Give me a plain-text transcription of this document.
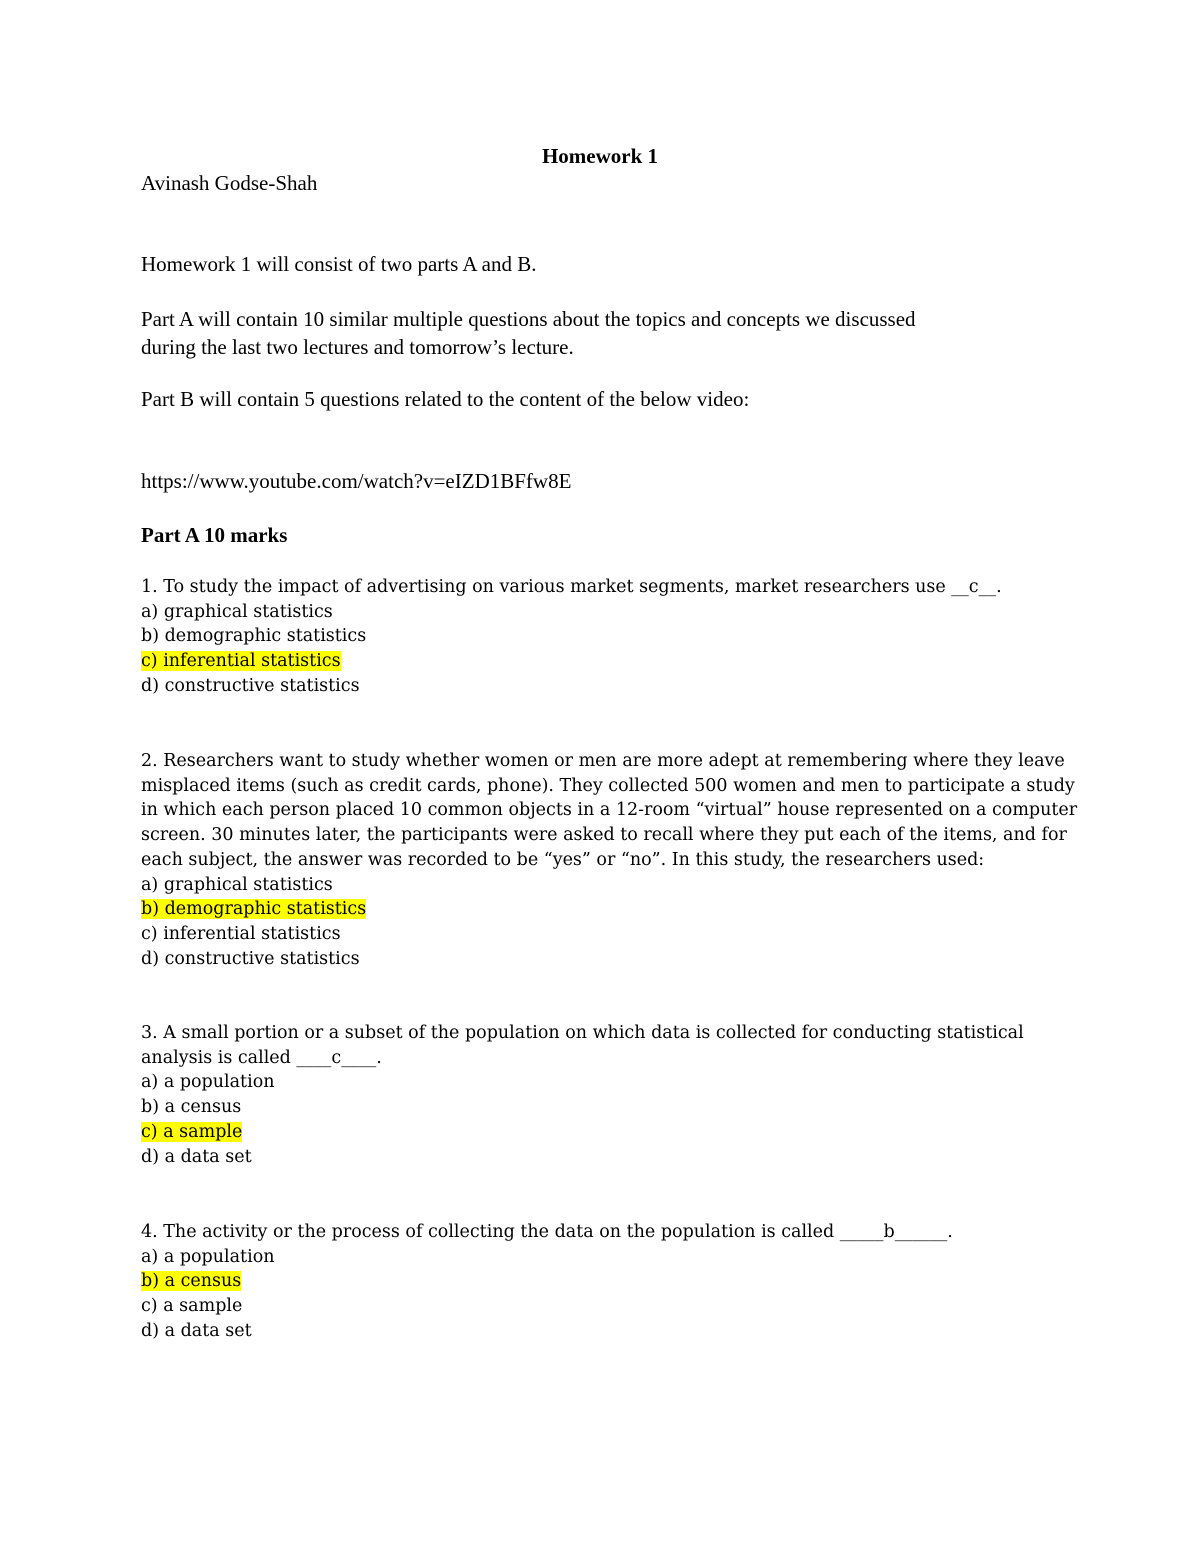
Homework 1
Avinash Godse-Shah
Homework 1 will consist of two parts A and B.
Part A will contain 10 similar multiple questions about the topics and concepts we discussed
during the last two lectures and tomorrow’s lecture.
Part B will contain 5 questions related to the content of the below video:
https://www.youtube.com/watch?v=eIZD1BFfw8E
Part A 10 marks
1. To study the impact of advertising on various market segments, market researchers use __c__.
a) graphical statistics
b) demographic statistics
c) inferential statistics
d) constructive statistics
2. Researchers want to study whether women or men are more adept at remembering where they leave
misplaced items (such as credit cards, phone). They collected 500 women and men to participate a study
in which each person placed 10 common objects in a 12-room “virtual” house represented on a computer
screen. 30 minutes later, the participants were asked to recall where they put each of the items, and for
each subject, the answer was recorded to be “yes” or “no”. In this study, the researchers used:
a) graphical statistics
b) demographic statistics
c) inferential statistics
d) constructive statistics
3. A small portion or a subset of the population on which data is collected for conducting statistical
analysis is called ____c____.
a) a population
b) a census
c) a sample
d) a data set
4. The activity or the process of collecting the data on the population is called _____b______.
a) a population
b) a census
c) a sample
d) a data set
